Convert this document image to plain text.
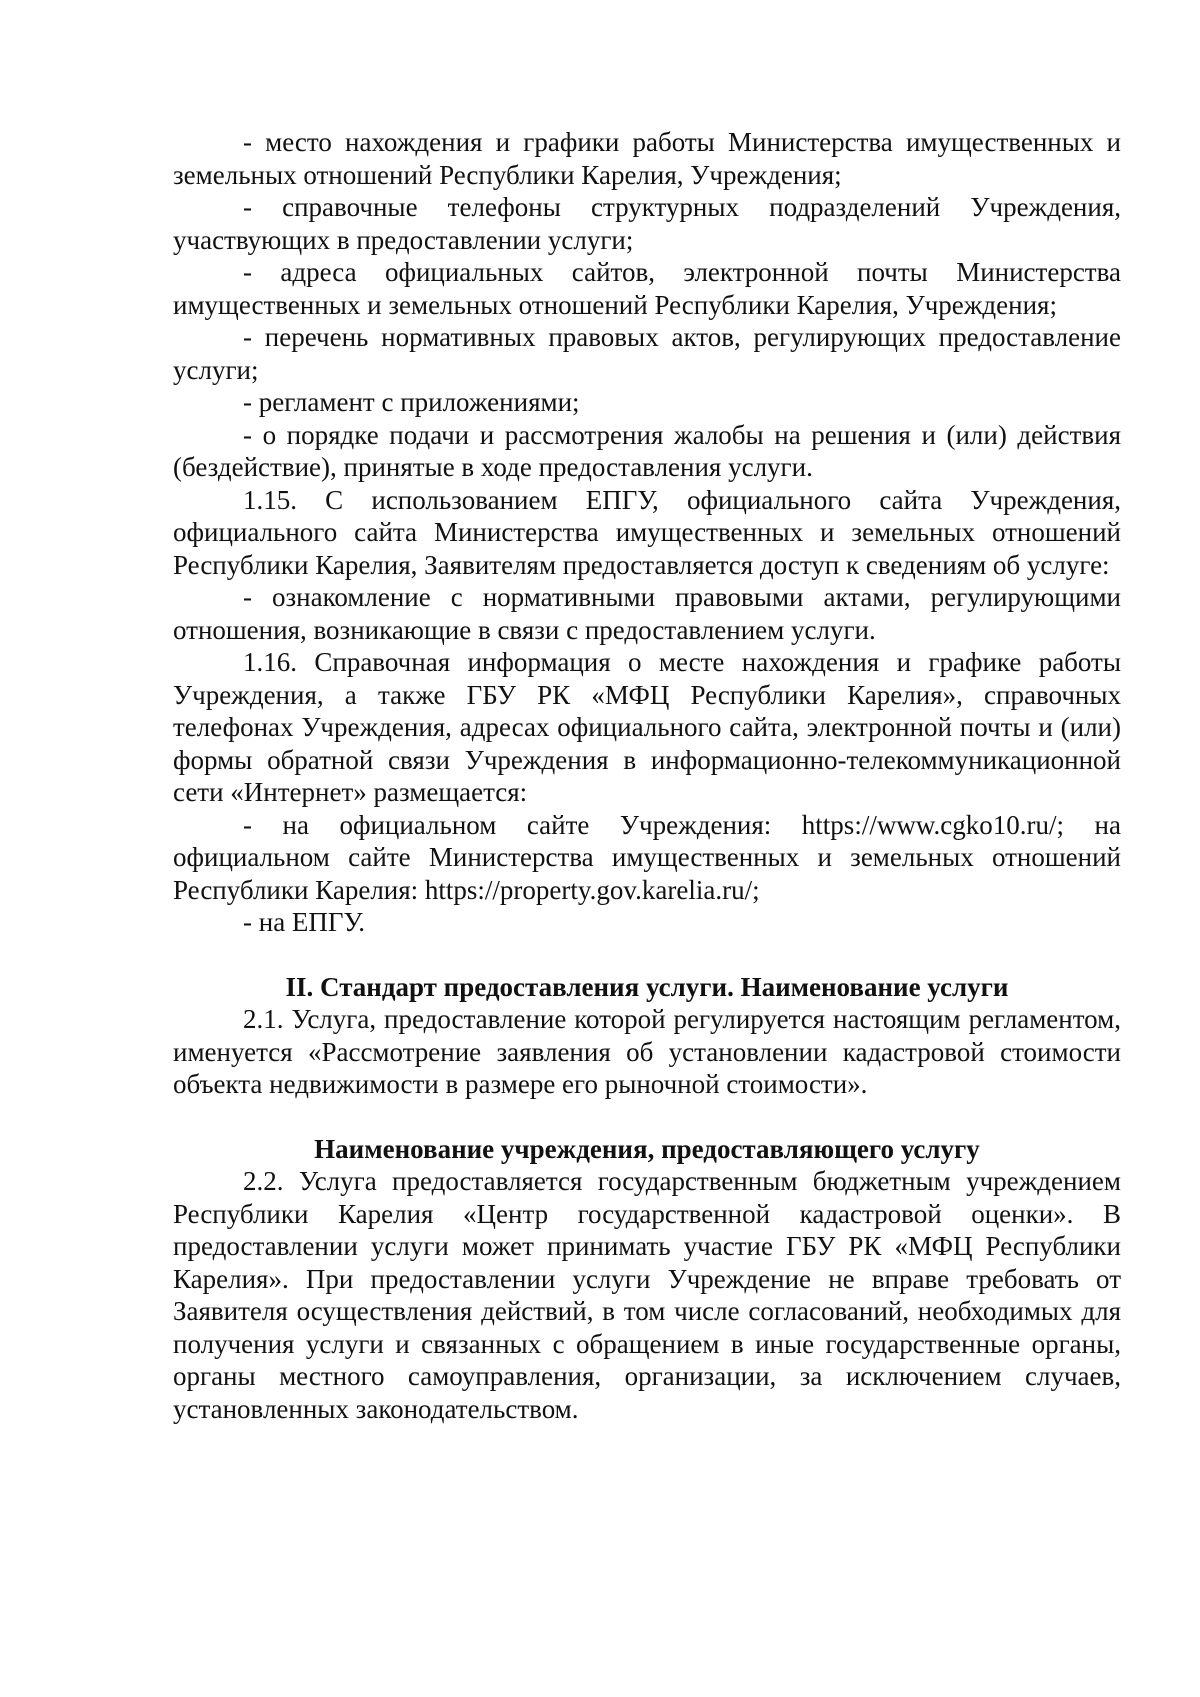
- место нахождения и графики работы Министерства имущественных и земельных отношений Республики Карелия, Учреждения;

- справочные телефоны структурных подразделений Учреждения, участвующих в предоставлении услуги;

- адреса официальных сайтов, электронной почты Министерства имущественных и земельных отношений Республики Карелия, Учреждения;

- перечень нормативных правовых актов, регулирующих предоставление услуги;

- регламент с приложениями;

- о порядке подачи и рассмотрения жалобы на решения и (или) действия (бездействие), принятые в ходе предоставления услуги.

1.15. С использованием ЕПГУ, официального сайта Учреждения, официального сайта Министерства имущественных и земельных отношений Республики Карелия, Заявителям предоставляется доступ к сведениям об услуге:

- ознакомление с нормативными правовыми актами, регулирующими отношения, возникающие в связи с предоставлением услуги.

1.16. Справочная информация о месте нахождения и графике работы Учреждения, а также ГБУ РК «МФЦ Республики Карелия», справочных телефонах Учреждения, адресах официального сайта, электронной почты и (или) формы обратной связи Учреждения в информационно-телекоммуникационной сети «Интернет» размещается:

- на официальном сайте Учреждения: https://www.cgko10.ru/; на официальном сайте Министерства имущественных и земельных отношений Республики Карелия: https://property.gov.karelia.ru/;

- на ЕПГУ.

II. Стандарт предоставления услуги. Наименование услуги

2.1. Услуга, предоставление которой регулируется настоящим регламентом, именуется «Рассмотрение заявления об установлении кадастровой стоимости объекта недвижимости в размере его рыночной стоимости».

Наименование учреждения, предоставляющего услугу

2.2. Услуга предоставляется государственным бюджетным учреждением Республики Карелия «Центр государственной кадастровой оценки». В предоставлении услуги может принимать участие ГБУ РК «МФЦ Республики Карелия». При предоставлении услуги Учреждение не вправе требовать от Заявителя осуществления действий, в том числе согласований, необходимых для получения услуги и связанных с обращением в иные государственные органы, органы местного самоуправления, организации, за исключением случаев, установленных законодательством.
